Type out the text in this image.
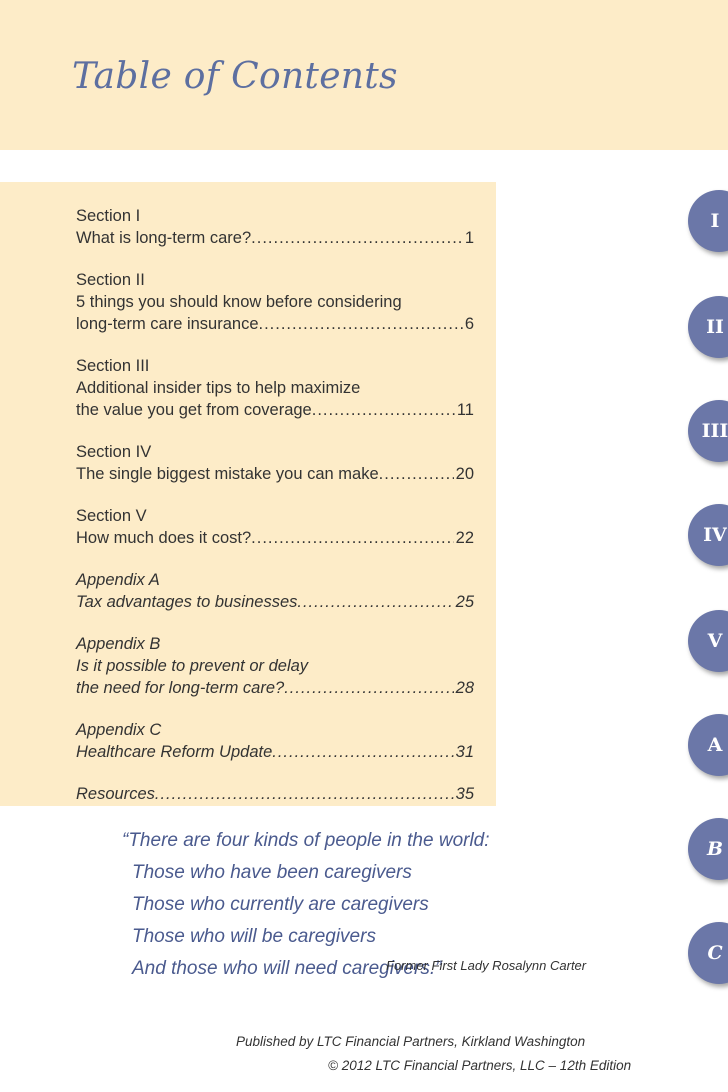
Table of Contents
Section I
What is long-term care? .....	1
Section II
5 things you should know before considering
long-term care insurance .....	6
Section III
Additional insider tips to help maximize
the value you get from coverage .....	11
Section IV
The single biggest mistake you can make .....	20
Section V
How much does it cost? .....	22
Appendix A
Tax advantages to businesses .....	25
Appendix B
Is it possible to prevent or delay
the need for long-term care? .....	28
Appendix C
Healthcare Reform Update .....	31
Resources .....	35
I
II
III
IV
V
A
B
C
“There are four kinds of people in the world:
Those who have been caregivers
Those who currently are caregivers
Those who will be caregivers
And those who will need caregivers.”
Former First Lady Rosalynn Carter
Published by LTC Financial Partners, Kirkland Washington
© 2012 LTC Financial Partners, LLC – 12th Edition
